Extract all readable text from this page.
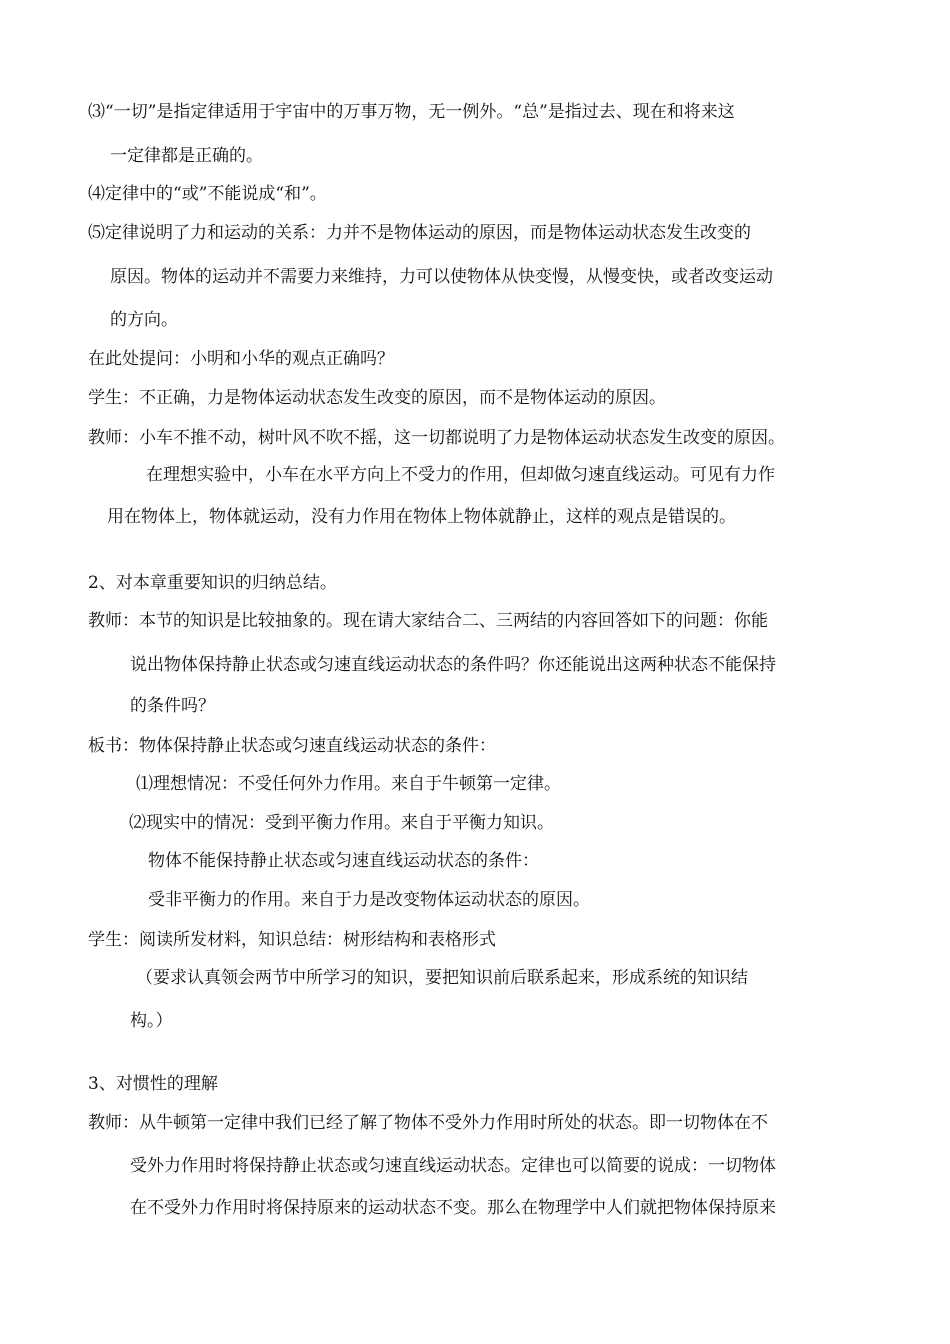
⑶“一切”是指定律适用于宇宙中的万事万物，无一例外。“总”是指过去、现在和将来这
一定律都是正确的。
⑷定律中的“或”不能说成“和”。
⑸定律说明了力和运动的关系：力并不是物体运动的原因，而是物体运动状态发生改变的
原因。物体的运动并不需要力来维持，力可以使物体从快变慢，从慢变快，或者改变运动
的方向。
在此处提问：小明和小华的观点正确吗？
学生：不正确，力是物体运动状态发生改变的原因，而不是物体运动的原因。
教师：小车不推不动，树叶风不吹不摇，这一切都说明了力是物体运动状态发生改变的原因。
在理想实验中，小车在水平方向上不受力的作用，但却做匀速直线运动。可见有力作
用在物体上，物体就运动，没有力作用在物体上物体就静止，这样的观点是错误的。
2、对本章重要知识的归纳总结。
教师：本节的知识是比较抽象的。现在请大家结合二、三两结的内容回答如下的问题：你能
说出物体保持静止状态或匀速直线运动状态的条件吗？你还能说出这两种状态不能保持
的条件吗？
板书：物体保持静止状态或匀速直线运动状态的条件：
⑴理想情况：不受任何外力作用。来自于牛顿第一定律。
⑵现实中的情况：受到平衡力作用。来自于平衡力知识。
物体不能保持静止状态或匀速直线运动状态的条件：
受非平衡力的作用。来自于力是改变物体运动状态的原因。
学生：阅读所发材料，知识总结：树形结构和表格形式
（要求认真领会两节中所学习的知识，要把知识前后联系起来，形成系统的知识结
构。）
3、对惯性的理解
教师：从牛顿第一定律中我们已经了解了物体不受外力作用时所处的状态。即一切物体在不
受外力作用时将保持静止状态或匀速直线运动状态。定律也可以简要的说成：一切物体
在不受外力作用时将保持原来的运动状态不变。那么在物理学中人们就把物体保持原来
